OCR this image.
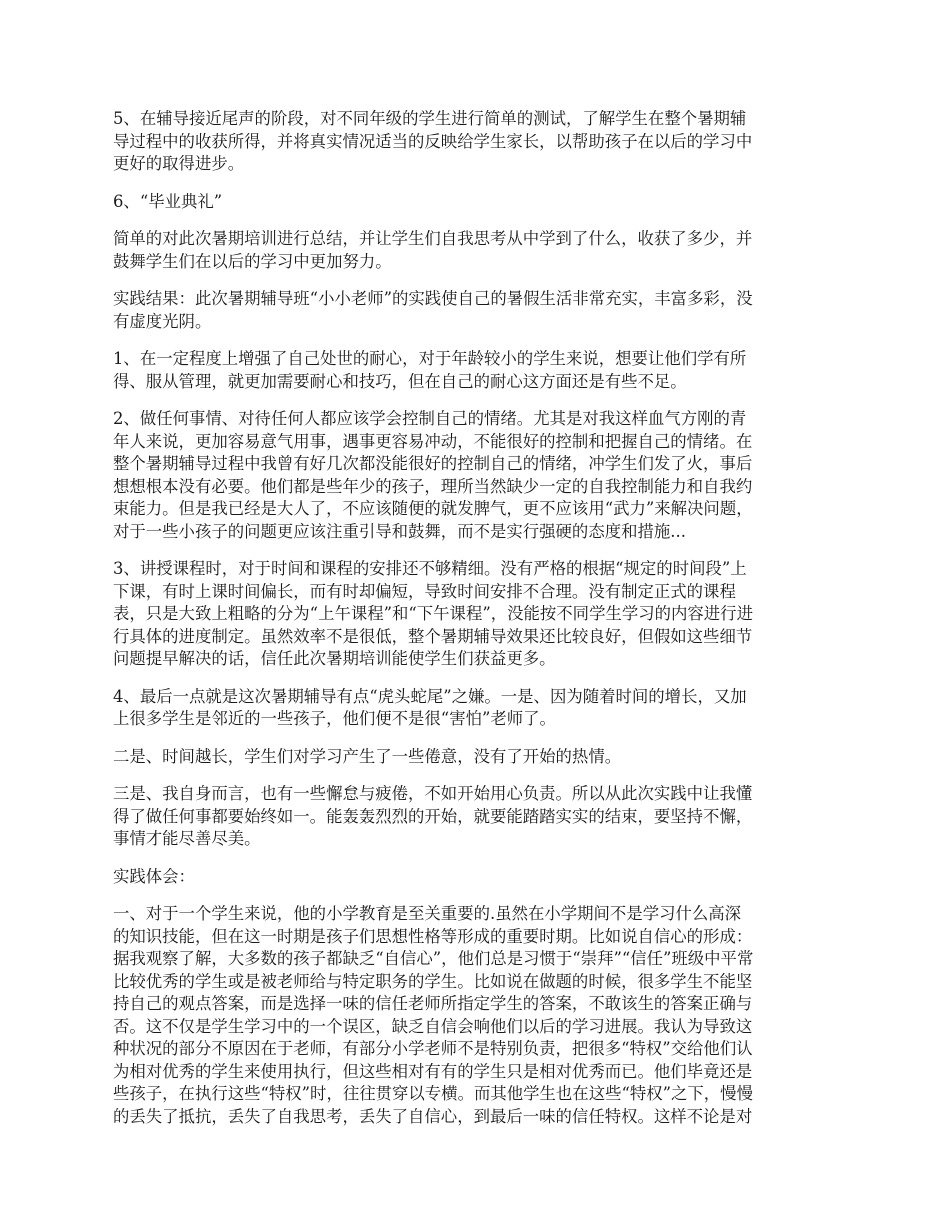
5、在辅导接近尾声的阶段，对不同年级的学生进行简单的测试，了解学生在整个暑期辅
导过程中的收获所得，并将真实情况适当的反映给学生家长，以帮助孩子在以后的学习中
更好的取得进步。
6、“毕业典礼”
简单的对此次暑期培训进行总结，并让学生们自我思考从中学到了什么，收获了多少，并
鼓舞学生们在以后的学习中更加努力。
实践结果：此次暑期辅导班“小小老师”的实践使自己的暑假生活非常充实，丰富多彩，没
有虚度光阴。
1、在一定程度上增强了自己处世的耐心，对于年龄较小的学生来说，想要让他们学有所
得、服从管理，就更加需要耐心和技巧，但在自己的耐心这方面还是有些不足。
2、做任何事情、对待任何人都应该学会控制自己的情绪。尤其是对我这样血气方刚的青
年人来说，更加容易意气用事，遇事更容易冲动，不能很好的控制和把握自己的情绪。在
整个暑期辅导过程中我曾有好几次都没能很好的控制自己的情绪，冲学生们发了火，事后
想想根本没有必要。他们都是些年少的孩子，理所当然缺少一定的自我控制能力和自我约
束能力。但是我已经是大人了，不应该随便的就发脾气，更不应该用“武力”来解决问题，
对于一些小孩子的问题更应该注重引导和鼓舞，而不是实行强硬的态度和措施...
3、讲授课程时，对于时间和课程的安排还不够精细。没有严格的根据“规定的时间段”上
下课，有时上课时间偏长，而有时却偏短，导致时间安排不合理。没有制定正式的课程
表，只是大致上粗略的分为“上午课程”和“下午课程”，没能按不同学生学习的内容进行进
行具体的进度制定。虽然效率不是很低，整个暑期辅导效果还比较良好，但假如这些细节
问题提早解决的话，信任此次暑期培训能使学生们获益更多。
4、最后一点就是这次暑期辅导有点“虎头蛇尾”之嫌。一是、因为随着时间的增长，又加
上很多学生是邻近的一些孩子，他们便不是很“害怕”老师了。
二是、时间越长，学生们对学习产生了一些倦意，没有了开始的热情。
三是、我自身而言，也有一些懈怠与疲倦，不如开始用心负责。所以从此次实践中让我懂
得了做任何事都要始终如一。能轰轰烈烈的开始，就要能踏踏实实的结束，要坚持不懈，
事情才能尽善尽美。
实践体会：
一、对于一个学生来说，他的小学教育是至关重要的.虽然在小学期间不是学习什么高深
的知识技能，但在这一时期是孩子们思想性格等形成的重要时期。比如说自信心的形成：
据我观察了解，大多数的孩子都缺乏“自信心”，他们总是习惯于“崇拜”“信任”班级中平常
比较优秀的学生或是被老师给与特定职务的学生。比如说在做题的时候，很多学生不能坚
持自己的观点答案，而是选择一味的信任老师所指定学生的答案，不敢该生的答案正确与
否。这不仅是学生学习中的一个误区，缺乏自信会响他们以后的学习进展。我认为导致这
种状况的部分不原因在于老师，有部分小学老师不是特别负责，把很多“特权”交给他们认
为相对优秀的学生来使用执行，但这些相对有有的学生只是相对优秀而已。他们毕竟还是
些孩子，在执行这些“特权”时，往往贯穿以专横。而其他学生也在这些“特权”之下，慢慢
的丢失了抵抗，丢失了自我思考，丢失了自信心，到最后一味的信任特权。这样不论是对
